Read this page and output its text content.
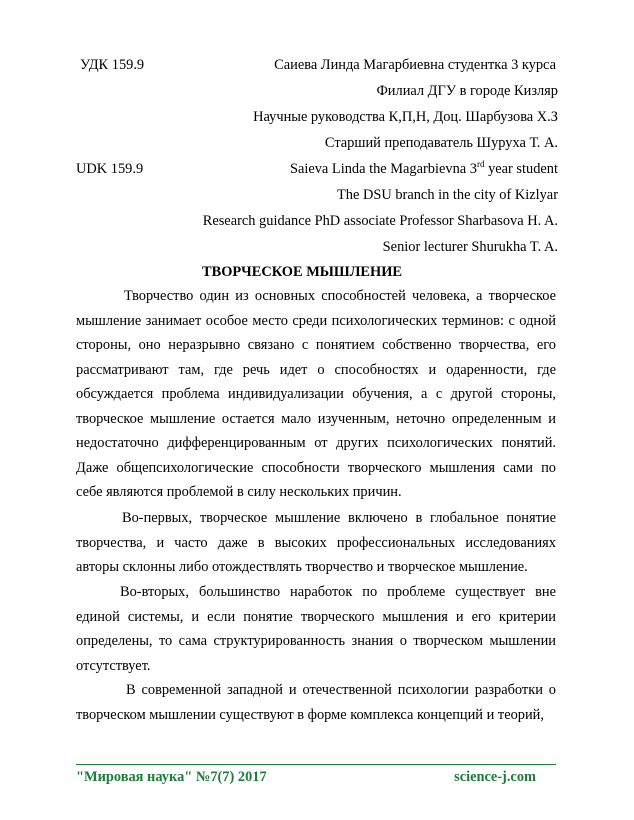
УДК 159.9	Саиева Линда Магарбиевна студентка 3 курса
Филиал ДГУ в городе Кизляр
Научные руководства К,П,Н, Доц. Шарбузова Х.З
Старший преподаватель Шуруха Т. А.
UDK 159.9	Saieva Linda the Magarbievna 3rd year student
The DSU branch in the city of Kizlyar
Research guidance PhD associate Professor Sharbasova H. A.
Senior lecturer Shurukha T. A.
ТВОРЧЕСКОЕ МЫШЛЕНИЕ

Творчество один из основных способностей человека, а творческое мышление занимает особое место среди психологических терминов: с одной стороны, оно неразрывно связано с понятием собственно творчества, его рассматривают там, где речь идет о способностях и одаренности, где обсуждается проблема индивидуализации обучения, а с другой стороны, творческое мышление остается мало изученным, неточно определенным и недостаточно дифференцированным от других психологических понятий. Даже общепсихологические способности творческого мышления сами по себе являются проблемой в силу нескольких причин.

Во-первых, творческое мышление включено в глобальное понятие творчества, и часто даже в высоких профессиональных исследованиях авторы склонны либо отождествлять творчество и творческое мышление.

Во-вторых, большинство наработок по проблеме существует вне единой системы, и если понятие творческого мышления и его критерии определены, то сама структурированность знания о творческом мышлении отсутствует.

В современной западной и отечественной психологии разработки о творческом мышлении существуют в форме комплекса концепций и теорий,

"Мировая наука" №7(7) 2017	science-j.com
